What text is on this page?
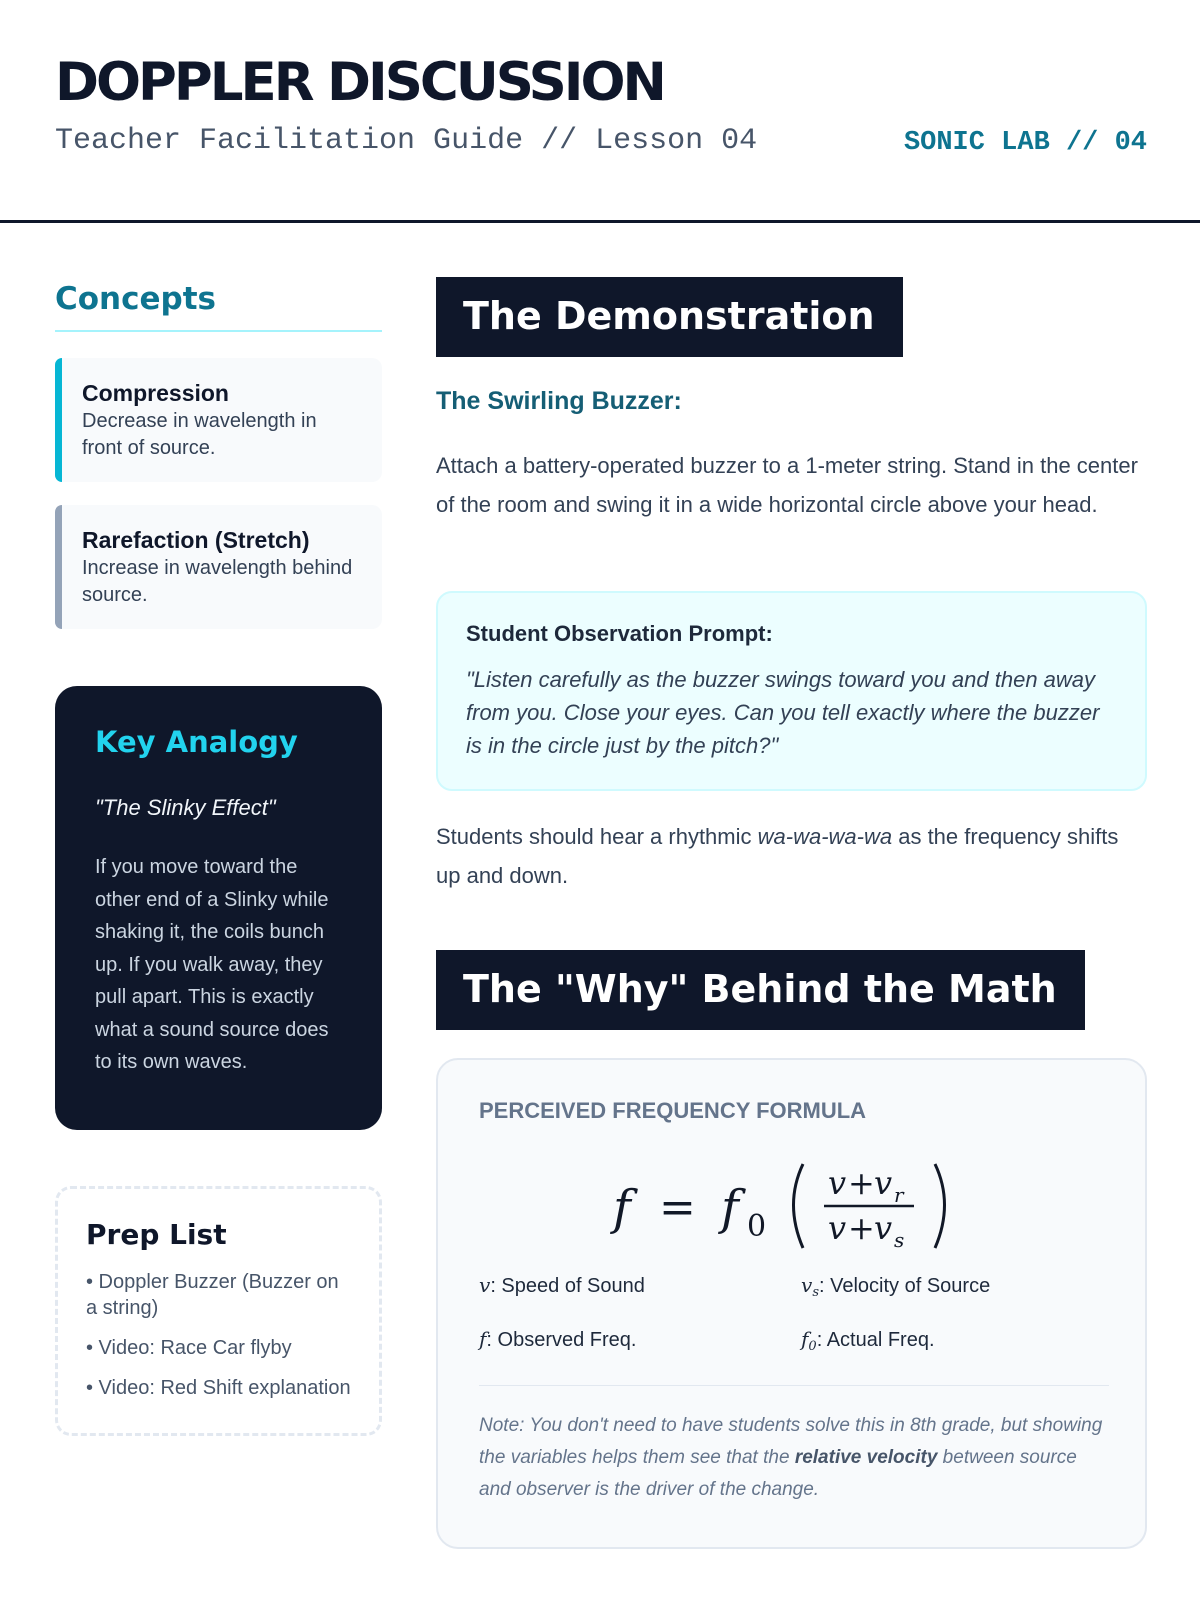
DOPPLER DISCUSSION
Teacher Facilitation Guide // Lesson 04	SONIC LAB // 04
Concepts
Compression
Decrease in wavelength in front of source.
Rarefaction (Stretch)
Increase in wavelength behind source.
Key Analogy
"The Slinky Effect"
If you move toward the other end of a Slinky while shaking it, the coils bunch up. If you walk away, they pull apart. This is exactly what a sound source does to its own waves.
Prep List
• Doppler Buzzer (Buzzer on a string)
• Video: Race Car flyby
• Video: Red Shift explanation
The Demonstration
The Swirling Buzzer:
Attach a battery-operated buzzer to a 1-meter string. Stand in the center of the room and swing it in a wide horizontal circle above your head.
Student Observation Prompt:
"Listen carefully as the buzzer swings toward you and then away from you. Close your eyes. Can you tell exactly where the buzzer is in the circle just by the pitch?"
Students should hear a rhythmic wa-wa-wa-wa as the frequency shifts up and down.
The "Why" Behind the Math
PERCEIVED FREQUENCY FORMULA
f = f 0
v + v r
v + v s
v: Speed of Sound	$v_s$: Velocity of Source
f: Observed Freq.	$f_0$: Actual Freq.
Note: You don't need to have students solve this in 8th grade, but showing the variables helps them see that the relative velocity between source and observer is the driver of the change.
